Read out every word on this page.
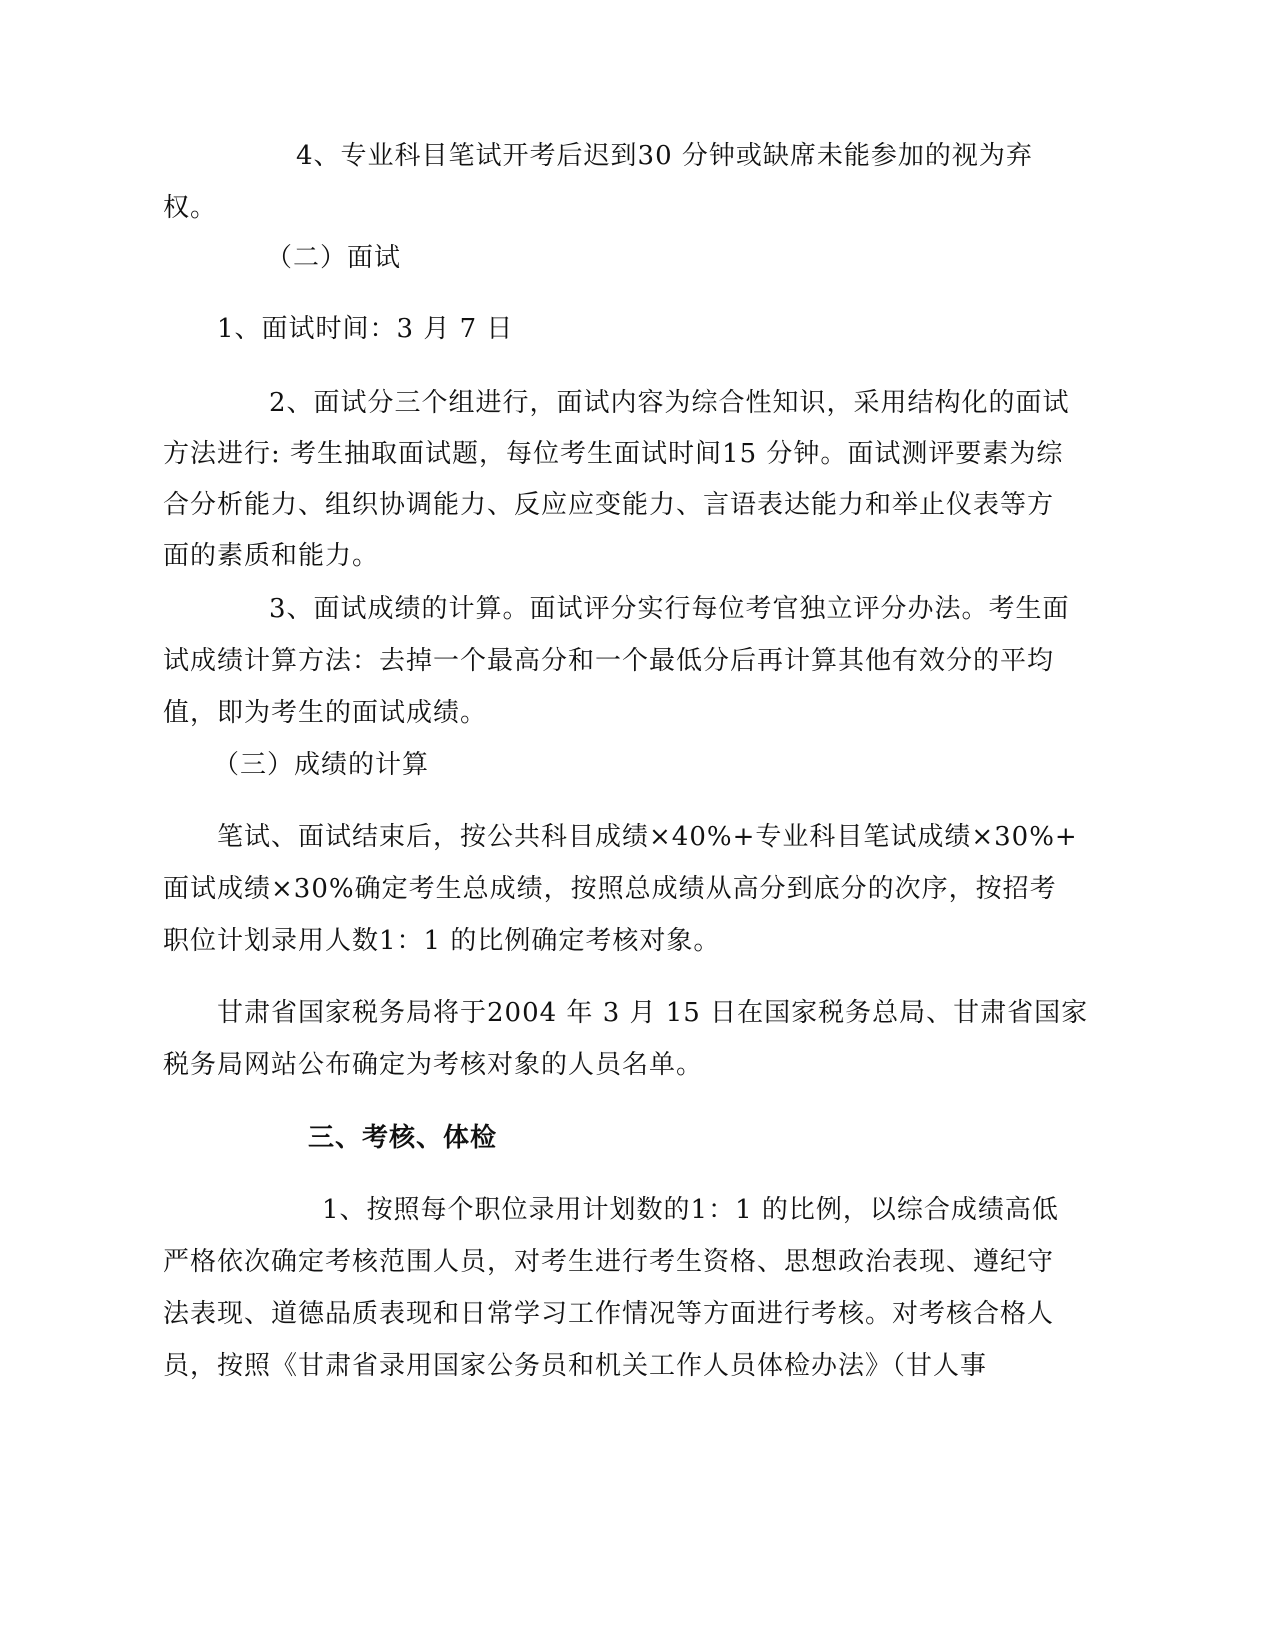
4、专业科目笔试开考后迟到30 分钟或缺席未能参加的视为弃
权。
（二）面试
1、面试时间：3 月 7 日
2、面试分三个组进行，面试内容为综合性知识，采用结构化的面试
方法进行: 考生抽取面试题，每位考生面试时间15 分钟。面试测评要素为综
合分析能力、组织协调能力、反应应变能力、言语表达能力和举止仪表等方
面的素质和能力。
3、面试成绩的计算。面试评分实行每位考官独立评分办法。考生面
试成绩计算方法：去掉一个最高分和一个最低分后再计算其他有效分的平均
值，即为考生的面试成绩。
（三）成绩的计算
笔试、面试结束后，按公共科目成绩×40%+专业科目笔试成绩×30%+
面试成绩×30%确定考生总成绩，按照总成绩从高分到底分的次序，按招考
职位计划录用人数1：1 的比例确定考核对象。
甘肃省国家税务局将于2004 年 3 月 15 日在国家税务总局、甘肃省国家
税务局网站公布确定为考核对象的人员名单。
三、考核、体检
1、按照每个职位录用计划数的1：1 的比例，以综合成绩高低
严格依次确定考核范围人员，对考生进行考生资格、思想政治表现、遵纪守
法表现、道德品质表现和日常学习工作情况等方面进行考核。对考核合格人
员，按照《甘肃省录用国家公务员和机关工作人员体检办法》（甘人事
